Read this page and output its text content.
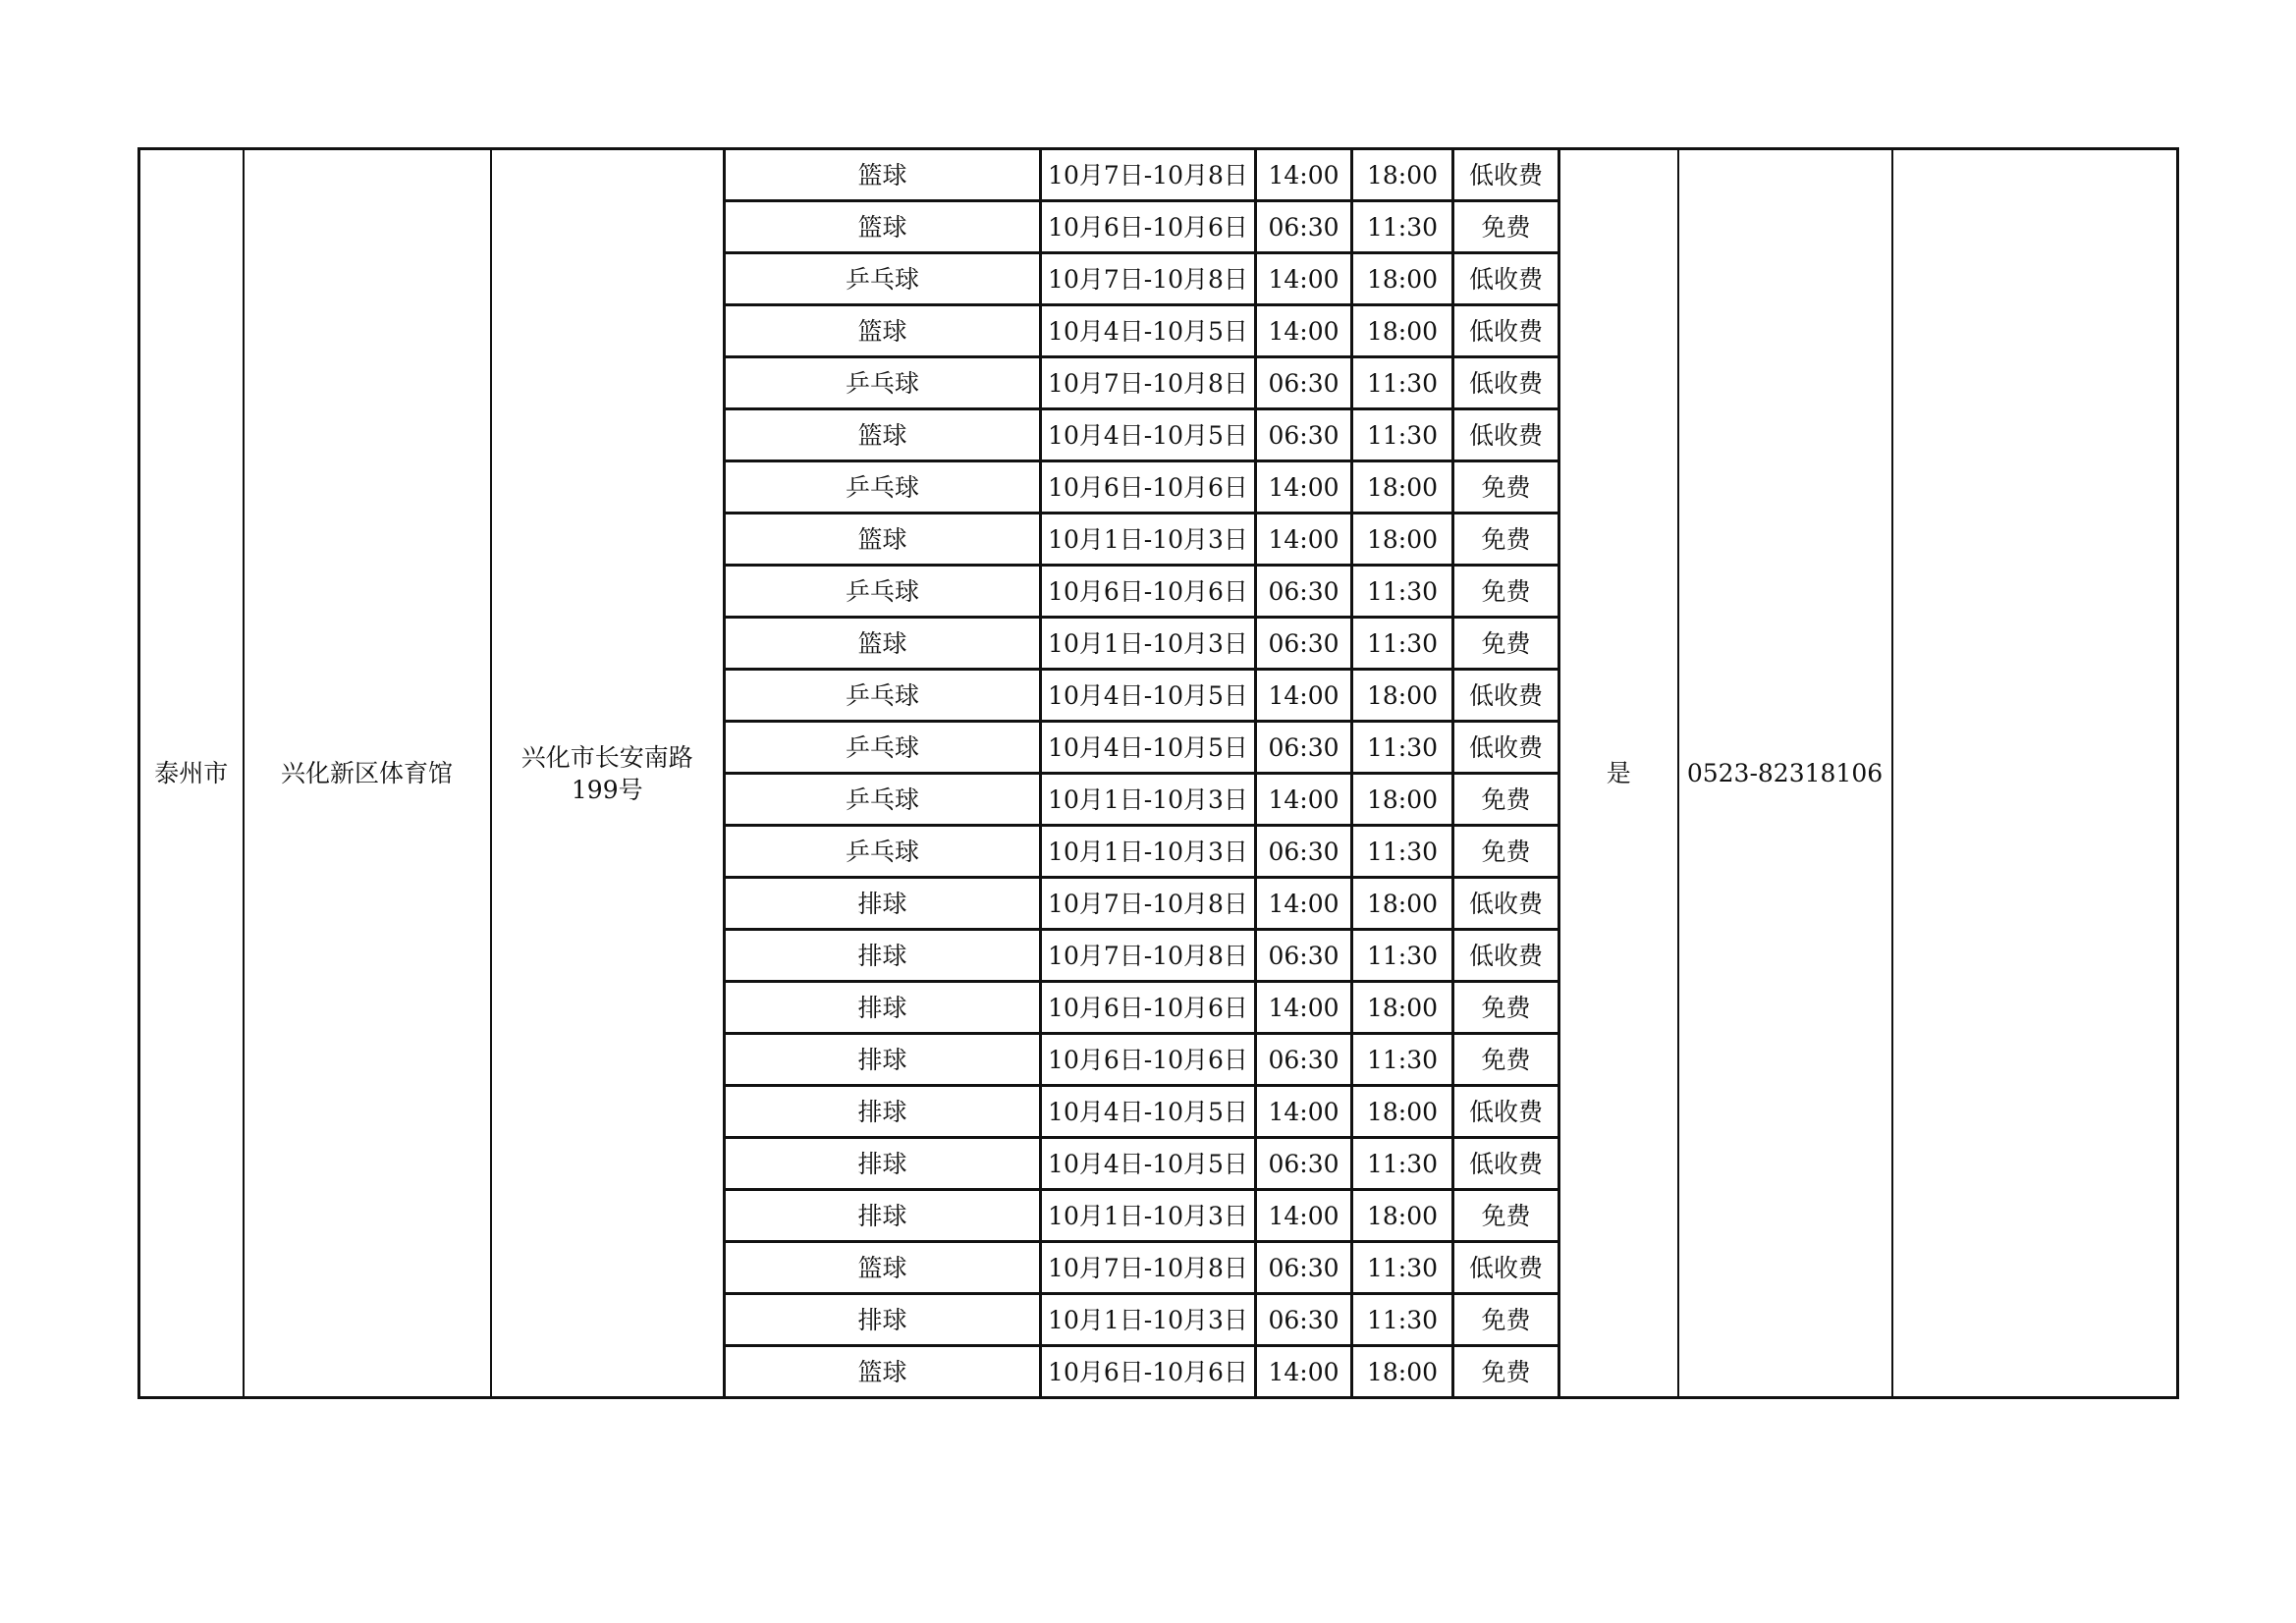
泰州市	兴化新区体育馆	兴化市长安南路199号	篮球	10月7日-10月8日	14:00	18:00	低收费	是	0523-82318106	
			篮球	10月6日-10月6日	06:30	11:30	免费			
			乒乓球	10月7日-10月8日	14:00	18:00	低收费			
			篮球	10月4日-10月5日	14:00	18:00	低收费			
			乒乓球	10月7日-10月8日	06:30	11:30	低收费			
			篮球	10月4日-10月5日	06:30	11:30	低收费			
			乒乓球	10月6日-10月6日	14:00	18:00	免费			
			篮球	10月1日-10月3日	14:00	18:00	免费			
			乒乓球	10月6日-10月6日	06:30	11:30	免费			
			篮球	10月1日-10月3日	06:30	11:30	免费			
			乒乓球	10月4日-10月5日	14:00	18:00	低收费			
			乒乓球	10月4日-10月5日	06:30	11:30	低收费			
			乒乓球	10月1日-10月3日	14:00	18:00	免费			
			乒乓球	10月1日-10月3日	06:30	11:30	免费			
			排球	10月7日-10月8日	14:00	18:00	低收费			
			排球	10月7日-10月8日	06:30	11:30	低收费			
			排球	10月6日-10月6日	14:00	18:00	免费			
			排球	10月6日-10月6日	06:30	11:30	免费			
			排球	10月4日-10月5日	14:00	18:00	低收费			
			排球	10月4日-10月5日	06:30	11:30	低收费			
			排球	10月1日-10月3日	14:00	18:00	免费			
			篮球	10月7日-10月8日	06:30	11:30	低收费			
			排球	10月1日-10月3日	06:30	11:30	免费			
			篮球	10月6日-10月6日	14:00	18:00	免费			
